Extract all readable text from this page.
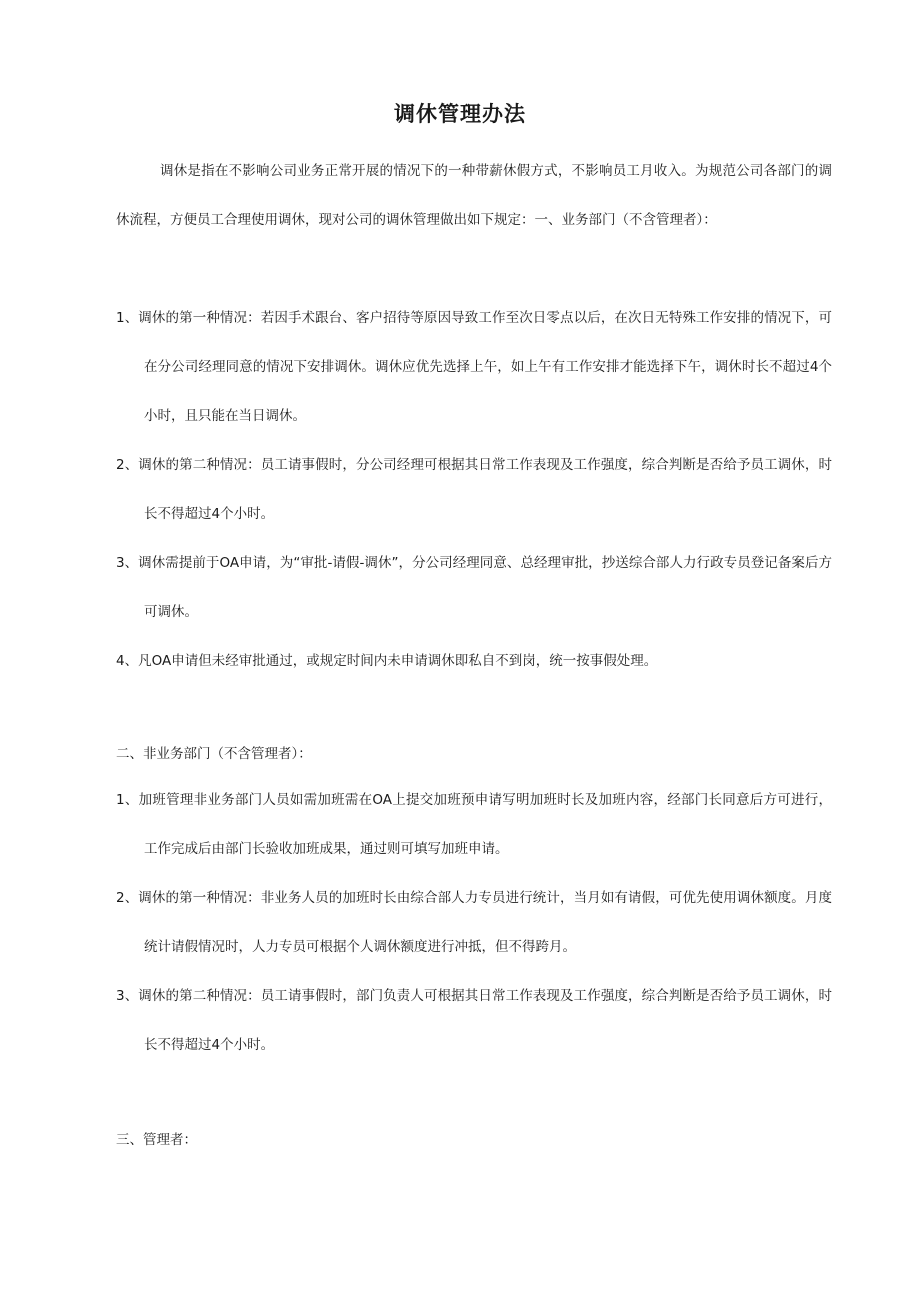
调休管理办法
调休是指在不影响公司业务正常开展的情况下的一种带薪休假方式，不影响员工月收入。为规范公司各部门的调休流程，方便员工合理使用调休，现对公司的调休管理做出如下规定：一、业务部门（不含管理者）：
1、调休的第一种情况：若因手术跟台、客户招待等原因导致工作至次日零点以后，在次日无特殊工作安排的情况下，可在分公司经理同意的情况下安排调休。调休应优先选择上午，如上午有工作安排才能选择下午，调休时长不超过4个小时，且只能在当日调休。
2、调休的第二种情况：员工请事假时，分公司经理可根据其日常工作表现及工作强度，综合判断是否给予员工调休，时长不得超过4个小时。
3、调休需提前于OA申请，为“审批-请假-调休”，分公司经理同意、总经理审批，抄送综合部人力行政专员登记备案后方可调休。
4、凡OA申请但未经审批通过，或规定时间内未申请调休即私自不到岗，统一按事假处理。
二、非业务部门（不含管理者）：
1、加班管理非业务部门人员如需加班需在OA上提交加班预申请写明加班时长及加班内容，经部门长同意后方可进行，工作完成后由部门长验收加班成果，通过则可填写加班申请。
2、调休的第一种情况：非业务人员的加班时长由综合部人力专员进行统计，当月如有请假，可优先使用调休额度。月度统计请假情况时，人力专员可根据个人调休额度进行冲抵，但不得跨月。
3、调休的第二种情况：员工请事假时，部门负责人可根据其日常工作表现及工作强度，综合判断是否给予员工调休，时长不得超过4个小时。
三、管理者：
